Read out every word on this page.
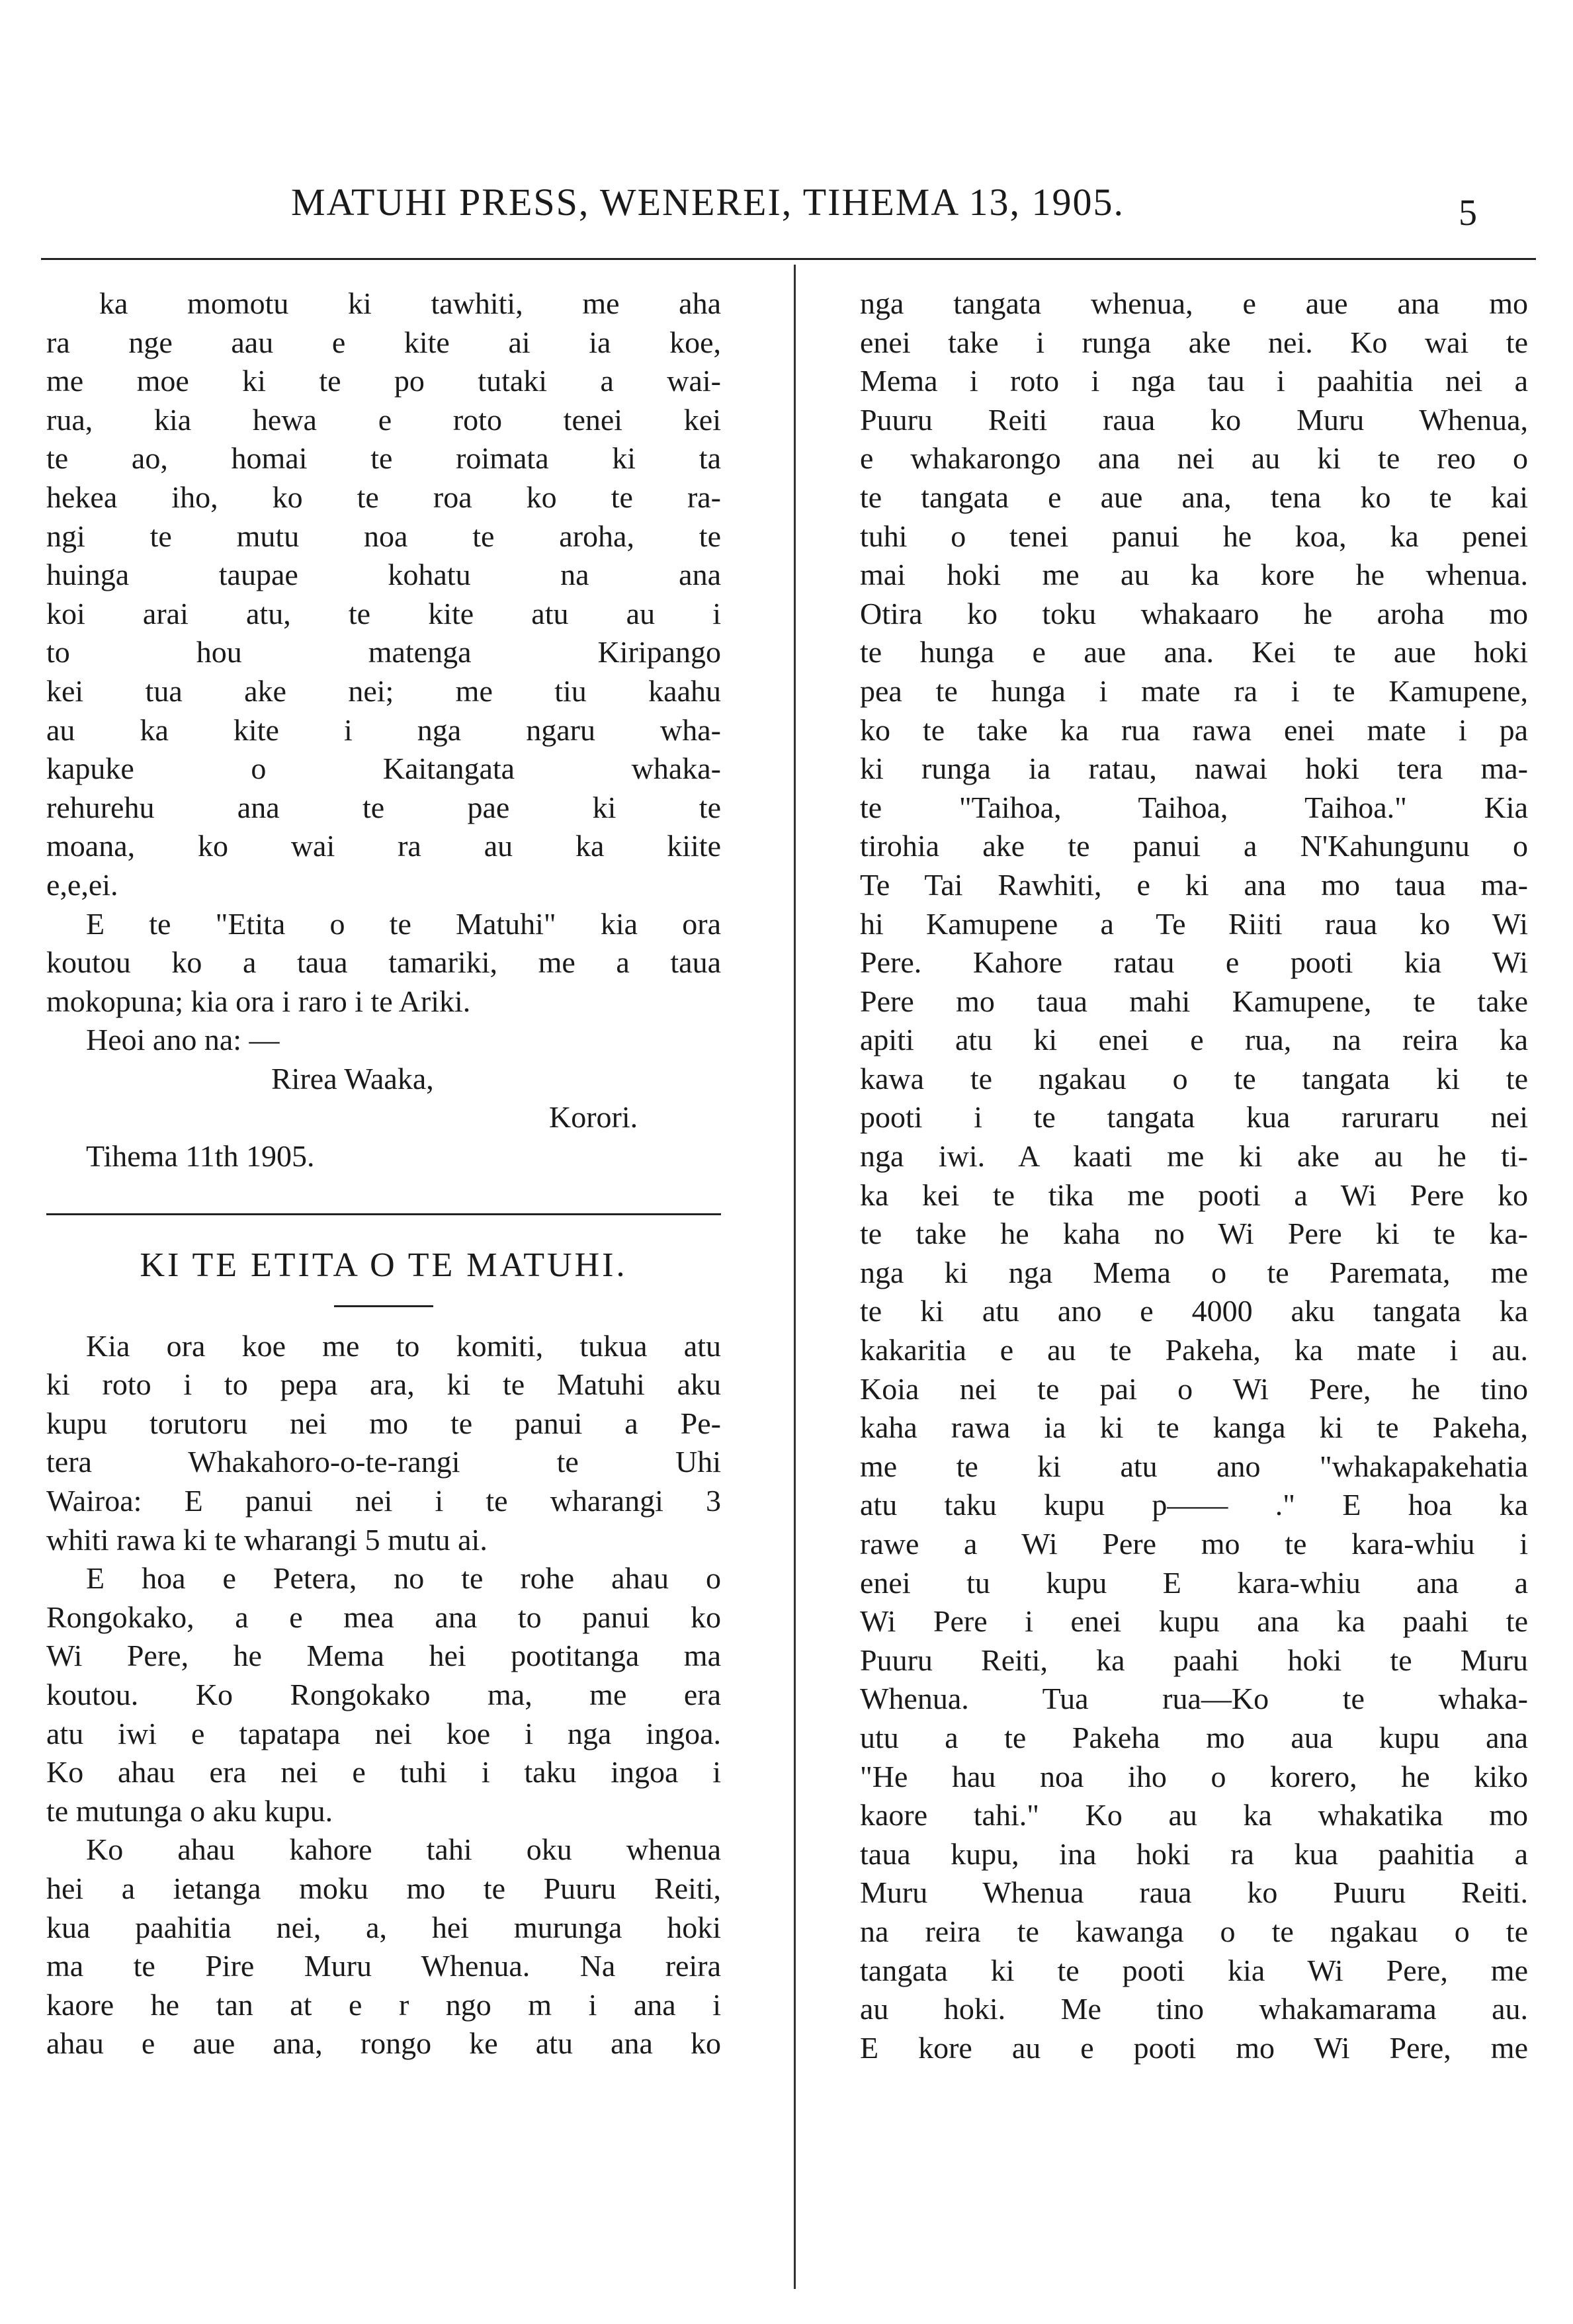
MATUHI PRESS, WENEREI, TIHEMA 13, 1905.	5
ka momotu ki tawhiti, me aha
ra nge aau e kite ai ia koe,
me moe ki te po tutaki a wai-
rua, kia hewa e roto tenei kei
te ao, homai te roimata ki ta
hekea iho, ko te roa ko te ra-
ngi te mutu noa te aroha, te
huinga taupae kohatu na ana
koi arai atu, te kite atu au i
to hou matenga Kiripango
kei tua ake nei; me tiu kaahu
au ka kite i nga ngaru wha-
kapuke o Kaitangata whaka-
rehurehu ana te pae ki te
moana, ko wai ra au ka kiite
e,e,ei.
E te "Etita o te Matuhi" kia ora
koutou ko a taua tamariki, me a taua
mokopuna; kia ora i raro i te Ariki.
Heoi ano na: —
Rirea Waaka,
Korori.
Tihema 11th 1905.
KI TE ETITA O TE MATUHI.
Kia ora koe me to komiti, tukua atu
ki roto i to pepa ara, ki te Matuhi aku
kupu torutoru nei mo te panui a Pe-
tera Whakahoro-o-te-rangi te Uhi
Wairoa: E panui nei i te wharangi 3
whiti rawa ki te wharangi 5 mutu ai.
E hoa e Petera, no te rohe ahau o
Rongokako, a e mea ana to panui ko
Wi Pere, he Mema hei pootitanga ma
koutou. Ko Rongokako ma, me era
atu iwi e tapatapa nei koe i nga ingoa.
Ko ahau era nei e tuhi i taku ingoa i
te mutunga o aku kupu.
Ko ahau kahore tahi oku whenua
hei a ietanga moku mo te Puuru Reiti,
kua paahitia nei, a, hei murunga hoki
ma te Pire Muru Whenua. Na reira
kaore he tan at e r ngo m i ana i
ahau e aue ana, rongo ke atu ana ko
nga tangata whenua, e aue ana mo
enei take i runga ake nei. Ko wai te
Mema i roto i nga tau i paahitia nei a
Puuru Reiti raua ko Muru Whenua,
e whakarongo ana nei au ki te reo o
te tangata e aue ana, tena ko te kai
tuhi o tenei panui he koa, ka penei
mai hoki me au ka kore he whenua.
Otira ko toku whakaaro he aroha mo
te hunga e aue ana. Kei te aue hoki
pea te hunga i mate ra i te Kamupene,
ko te take ka rua rawa enei mate i pa
ki runga ia ratau, nawai hoki tera ma-
te "Taihoa, Taihoa, Taihoa." Kia
tirohia ake te panui a N'Kahungunu o
Te Tai Rawhiti, e ki ana mo taua ma-
hi Kamupene a Te Riiti raua ko Wi
Pere. Kahore ratau e pooti kia Wi
Pere mo taua mahi Kamupene, te take
apiti atu ki enei e rua, na reira ka
kawa te ngakau o te tangata ki te
pooti i te tangata kua raruraru nei
nga iwi. A kaati me ki ake au he ti-
ka kei te tika me pooti a Wi Pere ko
te take he kaha no Wi Pere ki te ka-
nga ki nga Mema o te Paremata, me
te ki atu ano e 4000 aku tangata ka
kakaritia e au te Pakeha, ka mate i au.
Koia nei te pai o Wi Pere, he tino
kaha rawa ia ki te kanga ki te Pakeha,
me te ki atu ano "whakapakehatia
atu taku kupu p—— ." E hoa ka
rawe a Wi Pere mo te kara-whiu i
enei tu kupu E kara-whiu ana a
Wi Pere i enei kupu ana ka paahi te
Puuru Reiti, ka paahi hoki te Muru
Whenua. Tua rua—Ko te whaka-
utu a te Pakeha mo aua kupu ana
"He hau noa iho o korero, he kiko
kaore tahi." Ko au ka whakatika mo
taua kupu, ina hoki ra kua paahitia a
Muru Whenua raua ko Puuru Reiti.
na reira te kawanga o te ngakau o te
tangata ki te pooti kia Wi Pere, me
au hoki. Me tino whakamarama au.
E kore au e pooti mo Wi Pere, me
